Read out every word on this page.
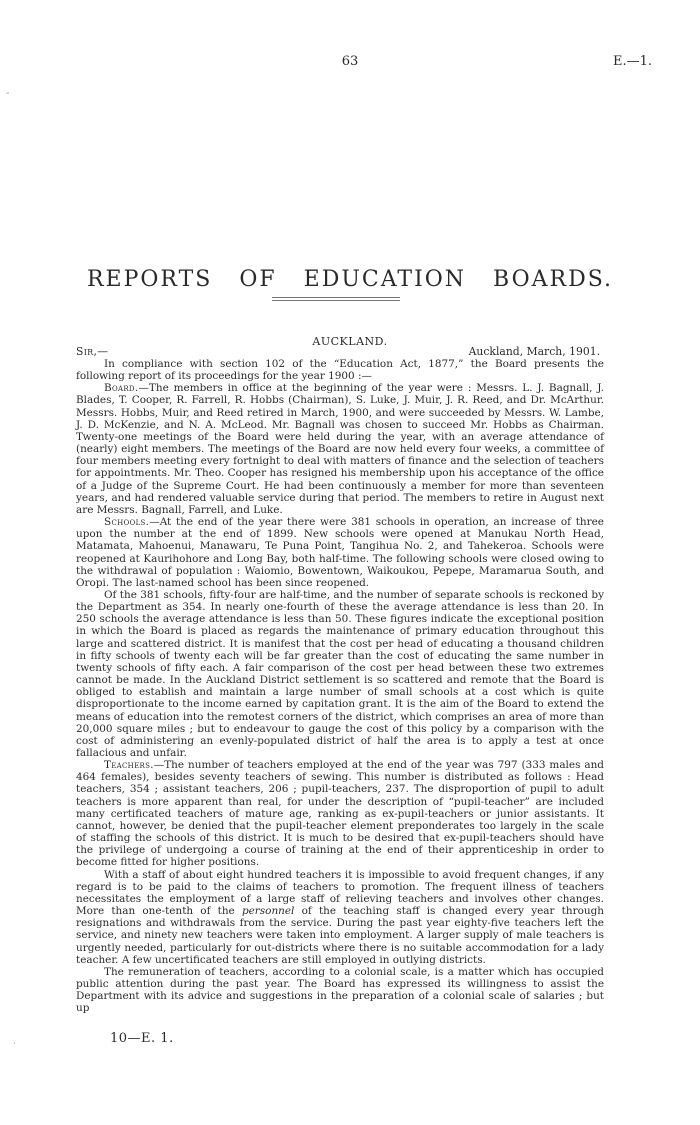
63	E.—1.
‐
˙
REPORTS OF EDUCATION BOARDS.
AUCKLAND.
Sir,—	Auckland, March, 1901.

In compliance with section 102 of the “Education Act, 1877,” the Board presents the following report of its proceedings for the year 1900 :—

Board.—The members in office at the beginning of the year were : Messrs. L. J. Bagnall, J. Blades, T. Cooper, R. Farrell, R. Hobbs (Chairman), S. Luke, J. Muir, J. R. Reed, and Dr. McArthur. Messrs. Hobbs, Muir, and Reed retired in March, 1900, and were succeeded by Messrs. W. Lambe, J. D. McKenzie, and N. A. McLeod. Mr. Bagnall was chosen to succeed Mr. Hobbs as Chairman. Twenty-one meetings of the Board were held during the year, with an average attendance of (nearly) eight members. The meetings of the Board are now held every four weeks, a committee of four members meeting every fortnight to deal with matters of finance and the selection of teachers for appointments. Mr. Theo. Cooper has resigned his membership upon his acceptance of the office of a Judge of the Supreme Court. He had been continuously a member for more than seventeen years, and had rendered valuable service during that period. The members to retire in August next are Messrs. Bagnall, Farrell, and Luke.

Schools.—At the end of the year there were 381 schools in operation, an increase of three upon the number at the end of 1899. New schools were opened at Manukau North Head, Matamata, Mahoenui, Manawaru, Te Puna Point, Tangihua No. 2, and Tahekeroa. Schools were reopened at Kaurihohore and Long Bay, both half-time. The following schools were closed owing to the withdrawal of population : Waiomio, Bowentown, Waikoukou, Pepepe, Maramarua South, and Oropi. The last-named school has been since reopened.

Of the 381 schools, fifty-four are half-time, and the number of separate schools is reckoned by the Department as 354. In nearly one-fourth of these the average attendance is less than 20. In 250 schools the average attendance is less than 50. These figures indicate the exceptional position in which the Board is placed as regards the maintenance of primary education throughout this large and scattered district. It is manifest that the cost per head of educating a thousand children in fifty schools of twenty each will be far greater than the cost of educating the same number in twenty schools of fifty each. A fair comparison of the cost per head between these two extremes cannot be made. In the Auckland District settlement is so scattered and remote that the Board is obliged to establish and maintain a large number of small schools at a cost which is quite disproportionate to the income earned by capitation grant. It is the aim of the Board to extend the means of education into the remotest corners of the district, which comprises an area of more than 20,000 square miles ; but to endeavour to gauge the cost of this policy by a comparison with the cost of administering an evenly-populated district of half the area is to apply a test at once fallacious and unfair.

Teachers.—The number of teachers employed at the end of the year was 797 (333 males and 464 females), besides seventy teachers of sewing. This number is distributed as follows : Head teachers, 354 ; assistant teachers, 206 ; pupil-teachers, 237. The disproportion of pupil to adult teachers is more apparent than real, for under the description of “pupil-teacher” are included many certificated teachers of mature age, ranking as ex-pupil-teachers or junior assistants. It cannot, however, be denied that the pupil-teacher element preponderates too largely in the scale of staffing the schools of this district. It is much to be desired that ex-pupil-teachers should have the privilege of undergoing a course of training at the end of their apprenticeship in order to become fitted for higher positions.

With a staff of about eight hundred teachers it is impossible to avoid frequent changes, if any regard is to be paid to the claims of teachers to promotion. The frequent illness of teachers necessitates the employment of a large staff of relieving teachers and involves other changes. More than one-tenth of the personnel of the teaching staff is changed every year through resignations and withdrawals from the service. During the past year eighty-five teachers left the service, and ninety new teachers were taken into employment. A larger supply of male teachers is urgently needed, particularly for out-districts where there is no suitable accommodation for a lady teacher. A few uncertificated teachers are still employed in outlying districts.

The remuneration of teachers, according to a colonial scale, is a matter which has occupied public attention during the past year. The Board has expressed its willingness to assist the Department with its advice and suggestions in the preparation of a colonial scale of salaries ; but up

10—E. 1.
